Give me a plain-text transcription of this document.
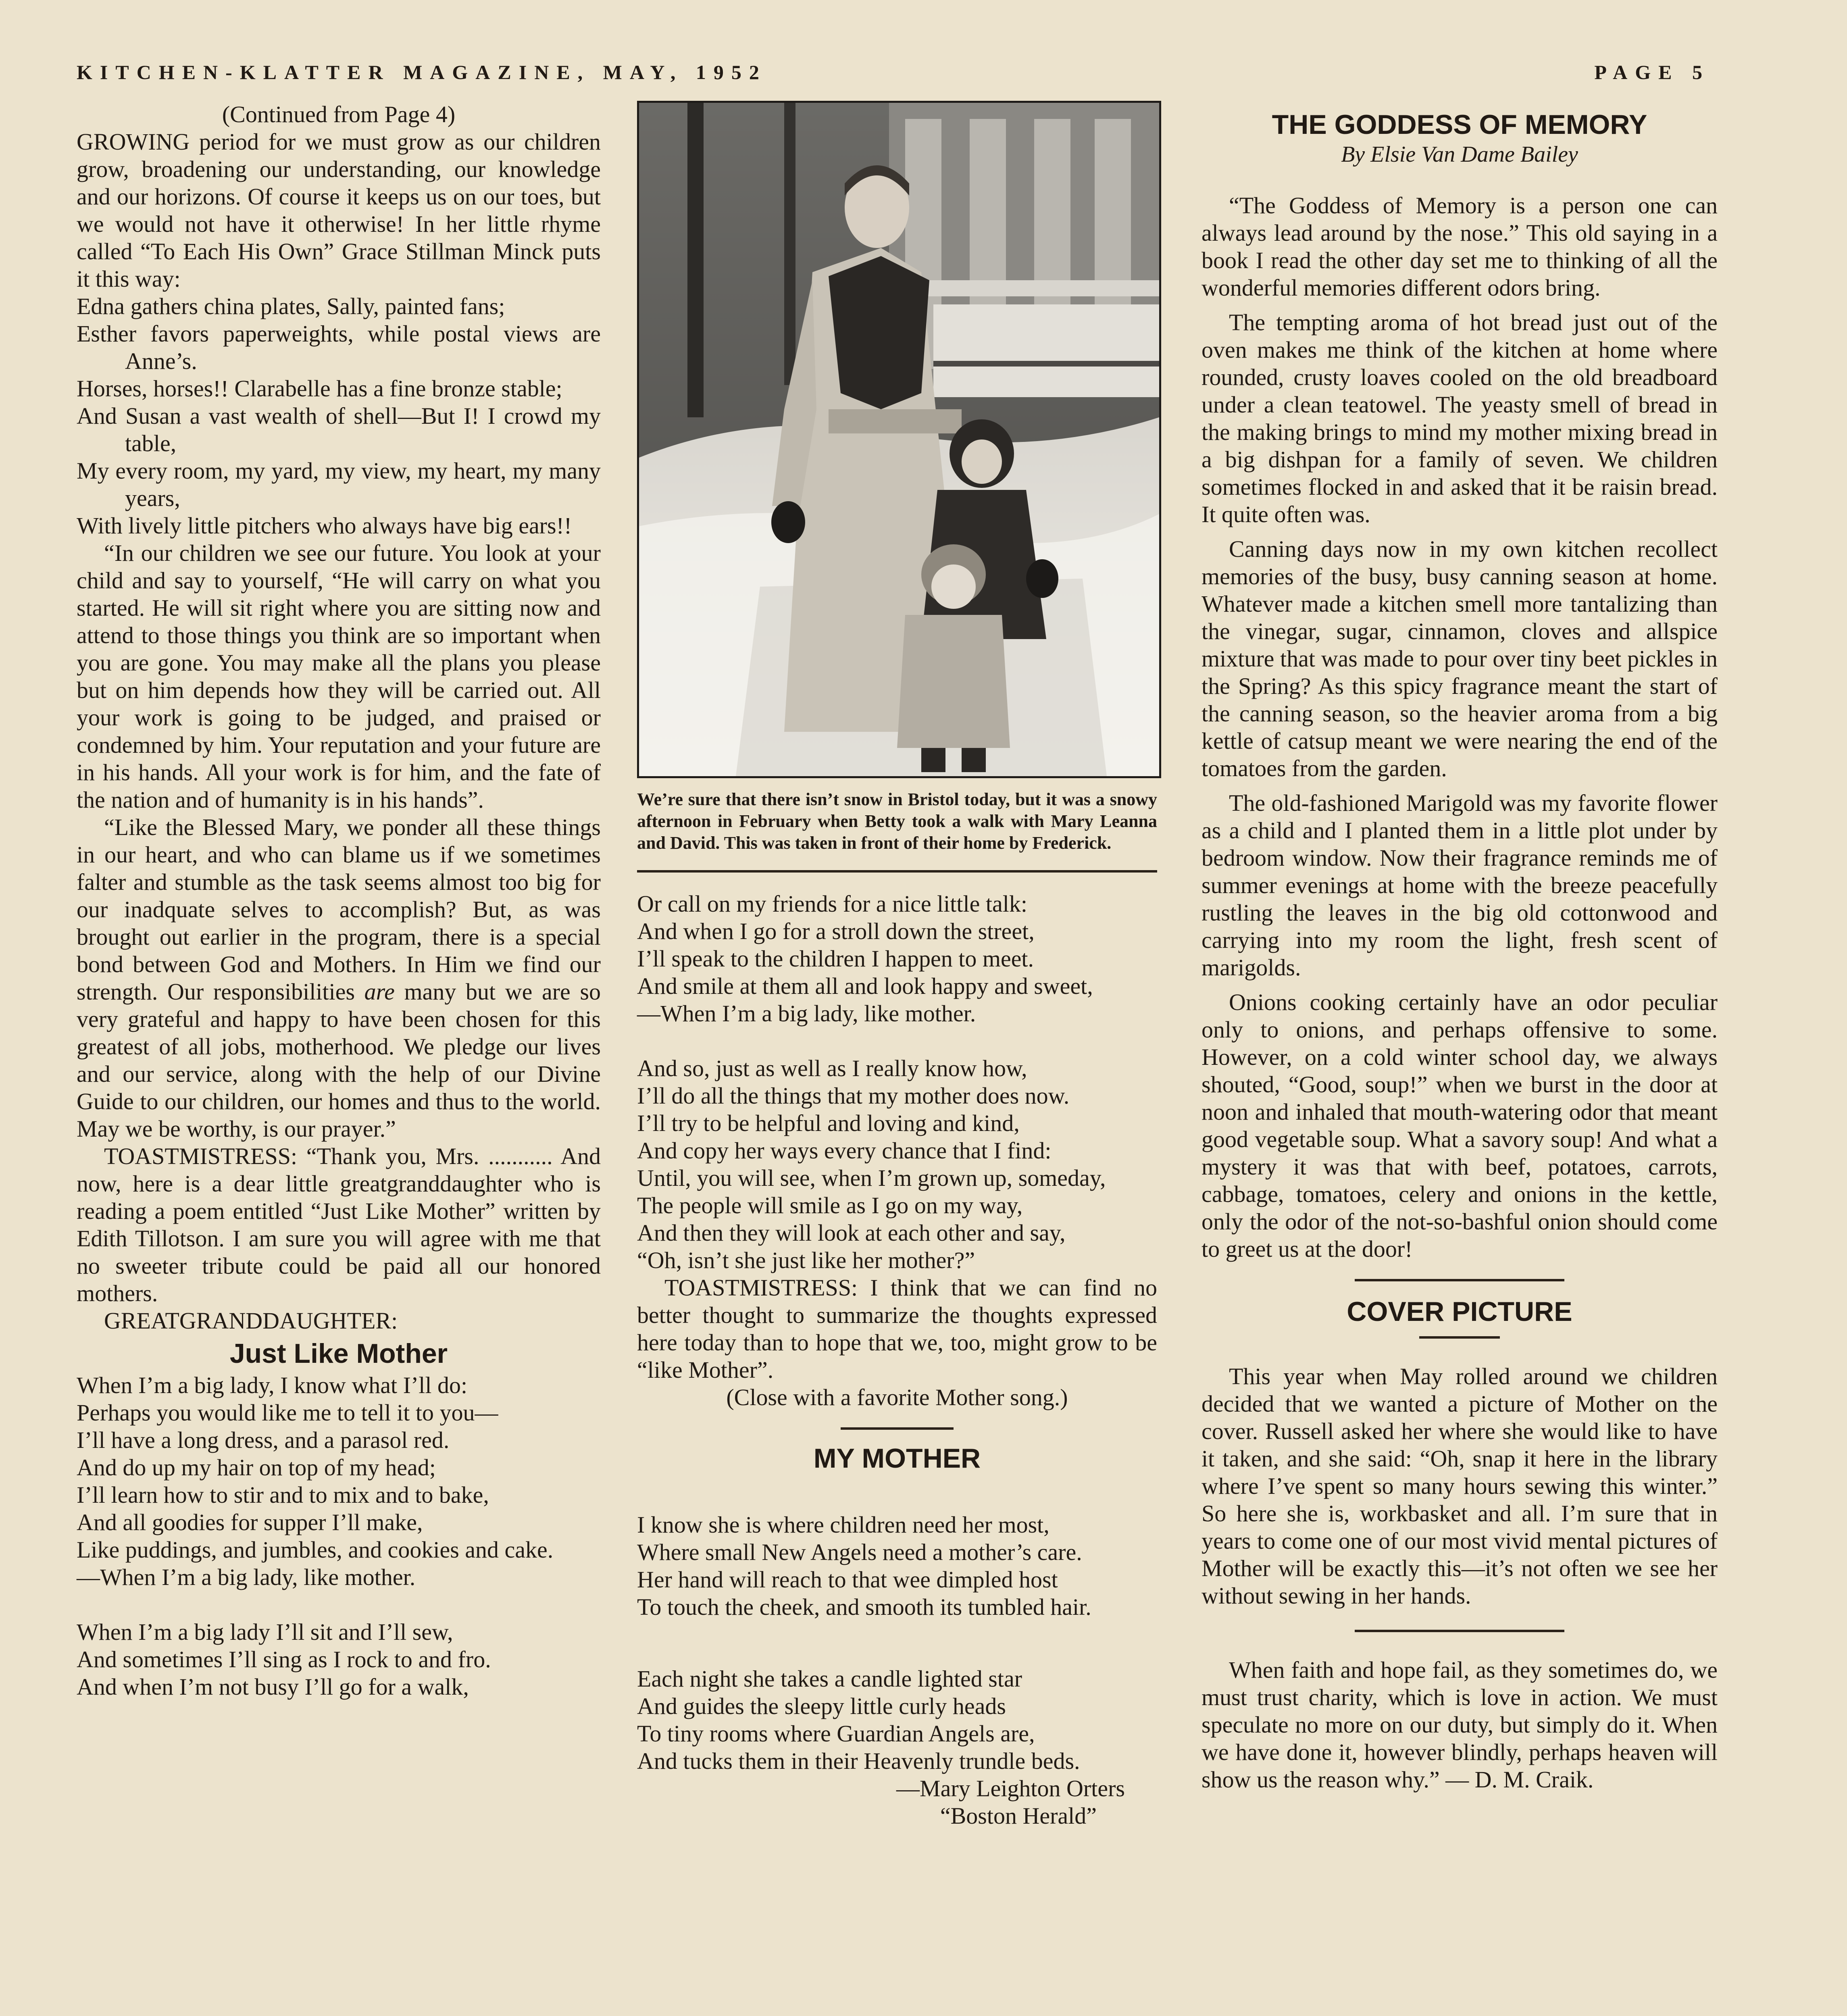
KITCHEN-KLATTER MAGAZINE, MAY, 1952	PAGE 5

(Continued from Page 4)

GROWING period for we must grow as our children grow, broadening our understanding, our knowledge and our horizons. Of course it keeps us on our toes, but we would not have it otherwise! In her little rhyme called “To Each His Own” Grace Stillman Minck puts it this way:

Edna gathers china plates, Sally, painted fans;

Esther favors paperweights, while postal views are Anne’s.

Horses, horses!! Clarabelle has a fine bronze stable;

And Susan a vast wealth of shell—But I! I crowd my table,

My every room, my yard, my view, my heart, my many years,

With lively little pitchers who always have big ears!!

“In our children we see our future. You look at your child and say to yourself, “He will carry on what you started. He will sit right where you are sitting now and attend to those things you think are so important when you are gone. You may make all the plans you please but on him depends how they will be carried out. All your work is going to be judged, and praised or condemned by him. Your reputation and your future are in his hands. All your work is for him, and the fate of the nation and of humanity is in his hands”.

“Like the Blessed Mary, we ponder all these things in our heart, and who can blame us if we sometimes falter and stumble as the task seems almost too big for our inadquate selves to accomplish? But, as was brought out earlier in the program, there is a special bond between God and Mothers. In Him we find our strength. Our responsibilities are many but we are so very grateful and happy to have been chosen for this greatest of all jobs, motherhood. We pledge our lives and our service, along with the help of our Divine Guide to our children, our homes and thus to the world. May we be worthy, is our prayer.”

TOASTMISTRESS: “Thank you, Mrs. ........... And now, here is a dear little greatgranddaughter who is reading a poem entitled “Just Like Mother” written by Edith Tillotson. I am sure you will agree with me that no sweeter tribute could be paid all our honored mothers.

GREATGRANDDAUGHTER:

Just Like Mother

When I’m a big lady, I know what I’ll do:

Perhaps you would like me to tell it to you—

I’ll have a long dress, and a parasol red.

And do up my hair on top of my head;

I’ll learn how to stir and to mix and to bake,

And all goodies for supper I’ll make,

Like puddings, and jumbles, and cookies and cake.

—When I’m a big lady, like mother.

When I’m a big lady I’ll sit and I’ll sew,

And sometimes I’ll sing as I rock to and fro.

And when I’m not busy I’ll go for a walk,

We’re sure that there isn’t snow in Bristol today, but it was a snowy afternoon in February when Betty took a walk with Mary Leanna and David. This was taken in front of their home by Frederick.

Or call on my friends for a nice little talk:

And when I go for a stroll down the street,

I’ll speak to the children I happen to meet.

And smile at them all and look happy and sweet,

—When I’m a big lady, like mother.

And so, just as well as I really know how,

I’ll do all the things that my mother does now.

I’ll try to be helpful and loving and kind,

And copy her ways every chance that I find:

Until, you will see, when I’m grown up, someday,

The people will smile as I go on my way,

And then they will look at each other and say,

“Oh, isn’t she just like her mother?”

TOASTMISTRESS: I think that we can find no better thought to summarize the thoughts expressed here today than to hope that we, too, might grow to be “like Mother”.

(Close with a favorite Mother song.)

MY MOTHER

I know she is where children need her most,

Where small New Angels need a mother’s care.

Her hand will reach to that wee dimpled host

To touch the cheek, and smooth its tumbled hair.

Each night she takes a candle lighted star

And guides the sleepy little curly heads

To tiny rooms where Guardian Angels are,

And tucks them in their Heavenly trundle beds.

—Mary Leighton Orters

“Boston Herald”

THE GODDESS OF MEMORY

By Elsie Van Dame Bailey

“The Goddess of Memory is a person one can always lead around by the nose.” This old saying in a book I read the other day set me to thinking of all the wonderful memories different odors bring.

The tempting aroma of hot bread just out of the oven makes me think of the kitchen at home where rounded, crusty loaves cooled on the old breadboard under a clean teatowel. The yeasty smell of bread in the making brings to mind my mother mixing bread in a big dishpan for a family of seven. We children sometimes flocked in and asked that it be raisin bread. It quite often was.

Canning days now in my own kitchen recollect memories of the busy, busy canning season at home. Whatever made a kitchen smell more tantalizing than the vinegar, sugar, cinnamon, cloves and allspice mixture that was made to pour over tiny beet pickles in the Spring? As this spicy fragrance meant the start of the canning season, so the heavier aroma from a big kettle of catsup meant we were nearing the end of the tomatoes from the garden.

The old-fashioned Marigold was my favorite flower as a child and I planted them in a little plot under by bedroom window. Now their fragrance reminds me of summer evenings at home with the breeze peacefully rustling the leaves in the big old cottonwood and carrying into my room the light, fresh scent of marigolds.

Onions cooking certainly have an odor peculiar only to onions, and perhaps offensive to some. However, on a cold winter school day, we always shouted, “Good, soup!” when we burst in the door at noon and inhaled that mouth-watering odor that meant good vegetable soup. What a savory soup! And what a mystery it was that with beef, potatoes, carrots, cabbage, tomatoes, celery and onions in the kettle, only the odor of the not-so-bashful onion should come to greet us at the door!

COVER PICTURE

This year when May rolled around we children decided that we wanted a picture of Mother on the cover. Russell asked her where she would like to have it taken, and she said: “Oh, snap it here in the library where I’ve spent so many hours sewing this winter.” So here she is, workbasket and all. I’m sure that in years to come one of our most vivid mental pictures of Mother will be exactly this—it’s not often we see her without sewing in her hands.

When faith and hope fail, as they sometimes do, we must trust charity, which is love in action. We must speculate no more on our duty, but simply do it. When we have done it, however blindly, perhaps heaven will show us the reason why.” — D. M. Craik.
